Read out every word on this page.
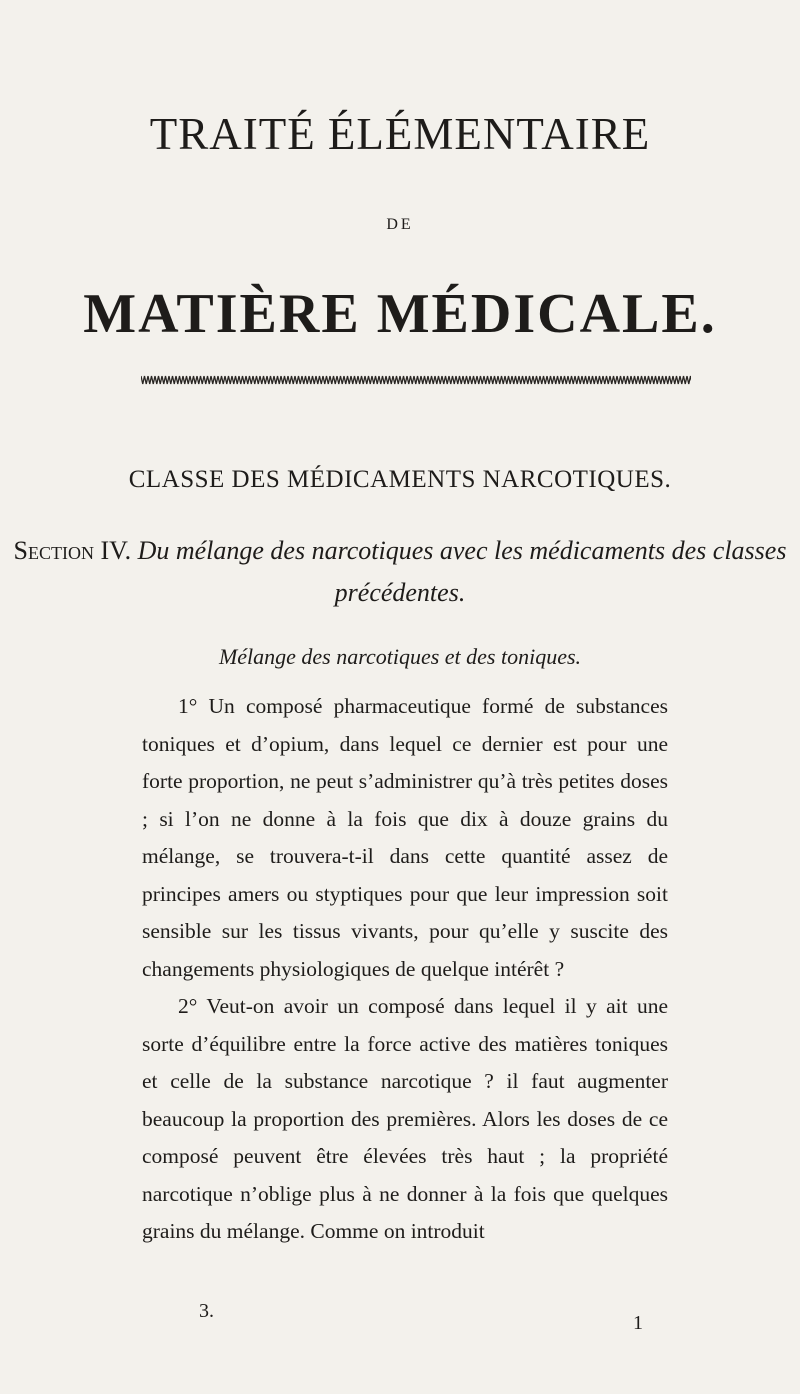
TRAITÉ ÉLÉMENTAIRE
DE
MATIÈRE MÉDICALE.
CLASSE DES MÉDICAMENTS NARCOTIQUES.
Section IV. Du mélange des narcotiques avec les médicaments des classes précédentes.
Mélange des narcotiques et des toniques.

1° Un composé pharmaceutique formé de substances toniques et d’opium, dans lequel ce dernier est pour une forte proportion, ne peut s’administrer qu’à très petites doses ; si l’on ne donne à la fois que dix à douze grains du mélange, se trouvera-t-il dans cette quantité assez de principes amers ou styptiques pour que leur impression soit sensible sur les tissus vivants, pour qu’elle y suscite des changements physiologiques de quelque intérêt ?

2° Veut-on avoir un composé dans lequel il y ait une sorte d’équilibre entre la force active des matières toniques et celle de la substance narcotique ? il faut augmenter beaucoup la proportion des premières. Alors les doses de ce composé peuvent être élevées très haut ; la propriété narcotique n’oblige plus à ne donner à la fois que quelques grains du mélange. Comme on introduit

3.
1
